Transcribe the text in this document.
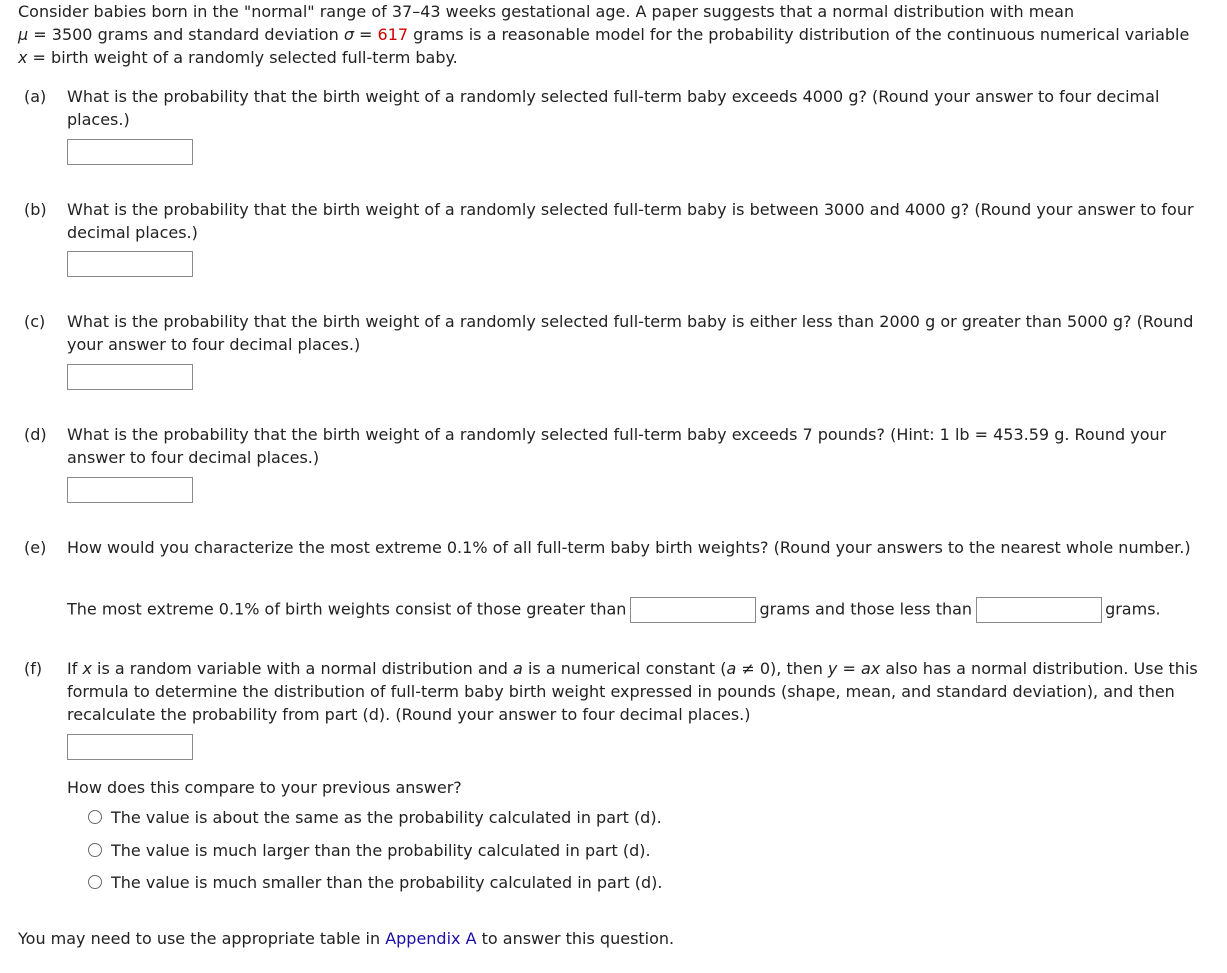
Consider babies born in the "normal" range of 37–43 weeks gestational age. A paper suggests that a normal distribution with mean
μ = 3500 grams and standard deviation σ = 617 grams is a reasonable model for the probability distribution of the continuous numerical variable
x = birth weight of a randomly selected full-term baby.
(a) What is the probability that the birth weight of a randomly selected full-term baby exceeds 4000 g? (Round your answer to four decimal places.)
(b) What is the probability that the birth weight of a randomly selected full-term baby is between 3000 and 4000 g? (Round your answer to four decimal places.)
(c) What is the probability that the birth weight of a randomly selected full-term baby is either less than 2000 g or greater than 5000 g? (Round your answer to four decimal places.)
(d) What is the probability that the birth weight of a randomly selected full-term baby exceeds 7 pounds? (Hint: 1 lb = 453.59 g. Round your answer to four decimal places.)
(e) How would you characterize the most extreme 0.1% of all full-term baby birth weights? (Round your answers to the nearest whole number.)
The most extreme 0.1% of birth weights consist of those greater than	grams and those less than	grams.
(f) If x is a random variable with a normal distribution and a is a numerical constant (a ≠ 0), then y = ax also has a normal distribution. Use this formula to determine the distribution of full-term baby birth weight expressed in pounds (shape, mean, and standard deviation), and then recalculate the probability from part (d). (Round your answer to four decimal places.)
How does this compare to your previous answer?
The value is about the same as the probability calculated in part (d).
The value is much larger than the probability calculated in part (d).
The value is much smaller than the probability calculated in part (d).
You may need to use the appropriate table in Appendix A to answer this question.
